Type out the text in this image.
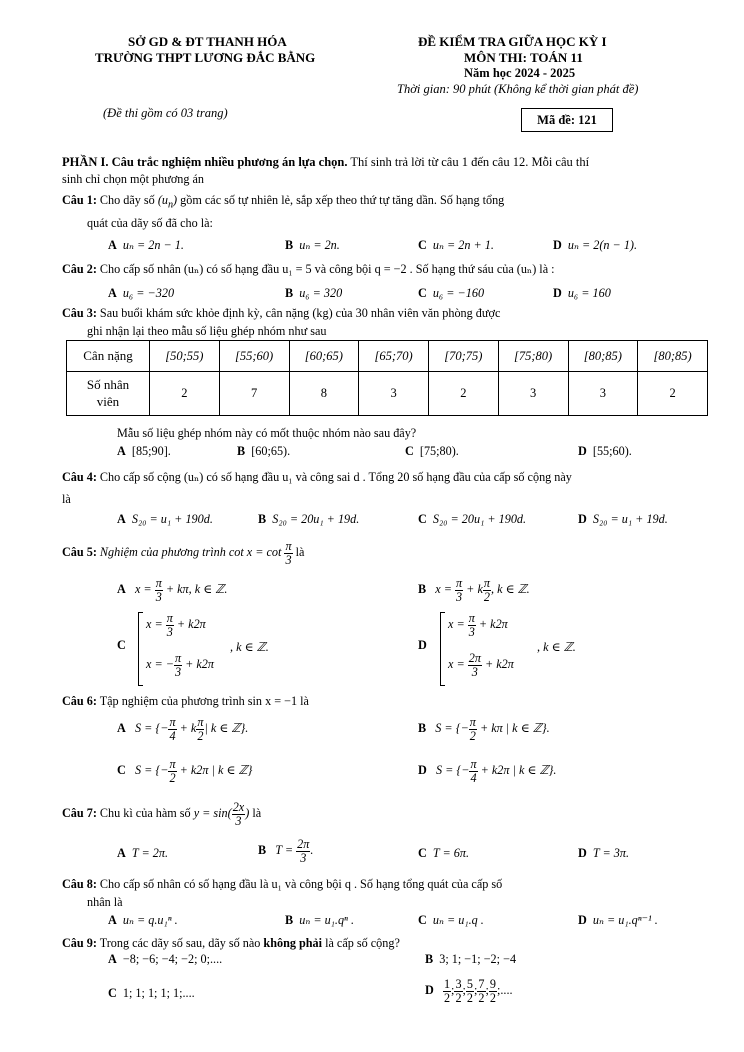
SỞ GD & ĐT THANH HÓA
TRƯỜNG THPT LƯƠNG ĐẮC BẰNG
ĐỀ KIỂM TRA GIỮA HỌC KỲ I
MÔN THI: TOÁN 11
Năm học 2024 - 2025
Thời gian: 90 phút (Không kể thời gian phát đề)
(Đề thi gồm có 03 trang)	Mã đề: 121
PHẦN I. Câu trắc nghiệm nhiều phương án lựa chọn. Thí sinh trả lời từ câu 1 đến câu 12. Mỗi câu thí
sinh chỉ chọn một phương án
Câu 1: Cho dãy số $(u_n)$ gồm các số tự nhiên lẻ, sắp xếp theo thứ tự tăng dần. Số hạng tổng
quát của dãy số đã cho là:
A uₙ = 2n − 1.	B uₙ = 2n.	C uₙ = 2n + 1.	D uₙ = 2(n − 1).
Câu 2: Cho cấp số nhân (uₙ) có số hạng đầu u₁ = 5 và công bội q = −2 . Số hạng thứ sáu của (uₙ) là :
A u₆ = −320	B u₆ = 320	C u₆ = −160	D u₆ = 160
Câu 3: Sau buổi khám sức khỏe định kỳ, cân nặng (kg) của 30 nhân viên văn phòng được
ghi nhận lại theo mẫu số liệu ghép nhóm như sau
Cân nặng	[50;55)	[55;60)	[60;65)	[65;70)	[70;75)	[75;80)	[80;85)	[80;85)
Số nhân
viên	2	7	8	3	2	3	3	2
Mẫu số liệu ghép nhóm này có mốt thuộc nhóm nào sau đây?
A [85;90].	B [60;65).	C [75;80).	D [55;60).
Câu 4: Cho cấp số cộng (uₙ) có số hạng đầu u₁ và công sai d . Tổng 20 số hạng đầu của cấp số cộng này
là
A S₂₀ = u₁ + 190d.	B S₂₀ = 20u₁ + 19d.	C S₂₀ = 20u₁ + 190d.	D S₂₀ = u₁ + 19d.
Câu 5: Nghiệm của phương trình $\cot x = \cot \frac{\pi}{3}$ là
A $x = \frac{\pi}{3} + k\pi$, k ∈ ℤ.	B $x = \frac{\pi}{3} + k \frac{\pi}{2}$ , k ∈ ℤ.
C
$x = \frac{\pi}{3} + k2\pi$
x = − $\frac{\pi}{3} + k2\pi$
, k ∈ ℤ.	D
$x = \frac{\pi}{3} + k2\pi$
$x = \frac{2\pi}{3} + k2\pi$
, k ∈ ℤ.
Câu 6: Tập nghiệm của phương trình sin x = −1 là
A S = {− $\frac{\pi}{4} + k \frac{\pi}{2}$ | k ∈ ℤ}.	B S = {− $\frac{\pi}{2} + k\pi$ | k ∈ ℤ}.
C S = {− $\frac{\pi}{2} + k2\pi$ | k ∈ ℤ}	D S = {− $\frac{\pi}{4} + k2\pi$ | k ∈ ℤ}.
Câu 7: Chu kì của hàm số $y = \sin( \frac{2x}{3}$ ) là
A T = 2π.	B $T = \frac{2\pi}{3}$ .	C T = 6π.	D T = 3π.
Câu 8: Cho cấp số nhân có số hạng đầu là u₁ và công bội q . Số hạng tổng quát của cấp số
nhân là
A uₙ = q.u₁ⁿ .	B uₙ = u₁.qⁿ .	C uₙ = u₁.q .	D uₙ = u₁.qⁿ⁻¹ .
Câu 9: Trong các dãy số sau, dãy số nào không phải là cấp số cộng?
A −8; −6; −4; −2; 0;....	B 3; 1; −1; −2; −4
C 1; 1; 1; 1; 1;....	D $\frac{1}{2}$ ; $\frac{3}{2}$ ; $\frac{5}{2}$ ; $\frac{7}{2}$ ; $\frac{9}{2}$ ;....
